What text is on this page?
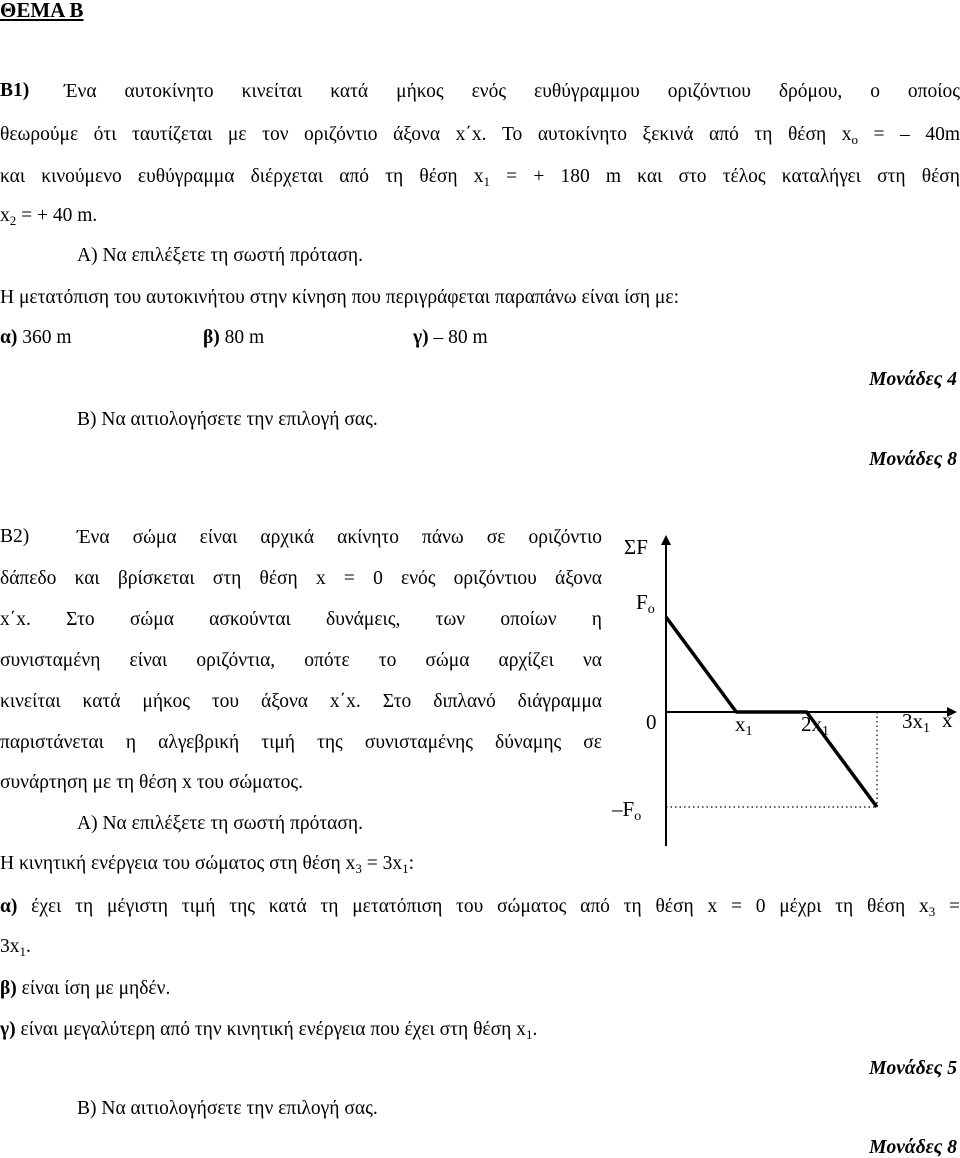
ΘΕΜΑ Β
Β1) Ένα αυτοκίνητο κινείται κατά μήκος ενός ευθύγραμμου οριζόντιου δρόμου, ο οποίος
θεωρούμε ότι ταυτίζεται με τον οριζόντιο άξονα x΄x. Το αυτοκίνητο ξεκινά από τη θέση $x_o$ = – 40m
και κινούμενο ευθύγραμμα διέρχεται από τη θέση $x_1$ = + 180 m και στο τέλος καταλήγει στη θέση
$x_2$ = + 40 m.
Α) Να επιλέξετε τη σωστή πρόταση.
Η μετατόπιση του αυτοκινήτου στην κίνηση που περιγράφεται παραπάνω είναι ίση με:
α) 360 m	β) 80 m	γ) – 80 m
Μονάδες 4
Β) Να αιτιολογήσετε την επιλογή σας.
Μονάδες 8
Β2) Ένα σώμα είναι αρχικά ακίνητο πάνω σε οριζόντιο
δάπεδο και βρίσκεται στη θέση x = 0 ενός οριζόντιου άξονα
x΄x. Στο σώμα ασκούνται δυνάμεις, των οποίων η
συνισταμένη είναι οριζόντια, οπότε το σώμα αρχίζει να
κινείται κατά μήκος του άξονα x΄x. Στο διπλανό διάγραμμα
παριστάνεται η αλγεβρική τιμή της συνισταμένης δύναμης σε
συνάρτηση με τη θέση x του σώματος.
Α) Να επιλέξετε τη σωστή πρόταση.
Η κινητική ενέργεια του σώματος στη θέση $x_3 = 3x_1$:
α) έχει τη μέγιστη τιμή της κατά τη μετατόπιση του σώματος από τη θέση x = 0 μέχρι τη θέση $x_3$ =
$3x_1$.
β) είναι ίση με μηδέν.
γ) είναι μεγαλύτερη από την κινητική ενέργεια που έχει στη θέση $x_1$.
Μονάδες 5
Β) Να αιτιολογήσετε την επιλογή σας.
Μονάδες 8
ΣF
$F_o$
0	$x_1$ $2x_1$	$3x_1$ x
$-F_o$
